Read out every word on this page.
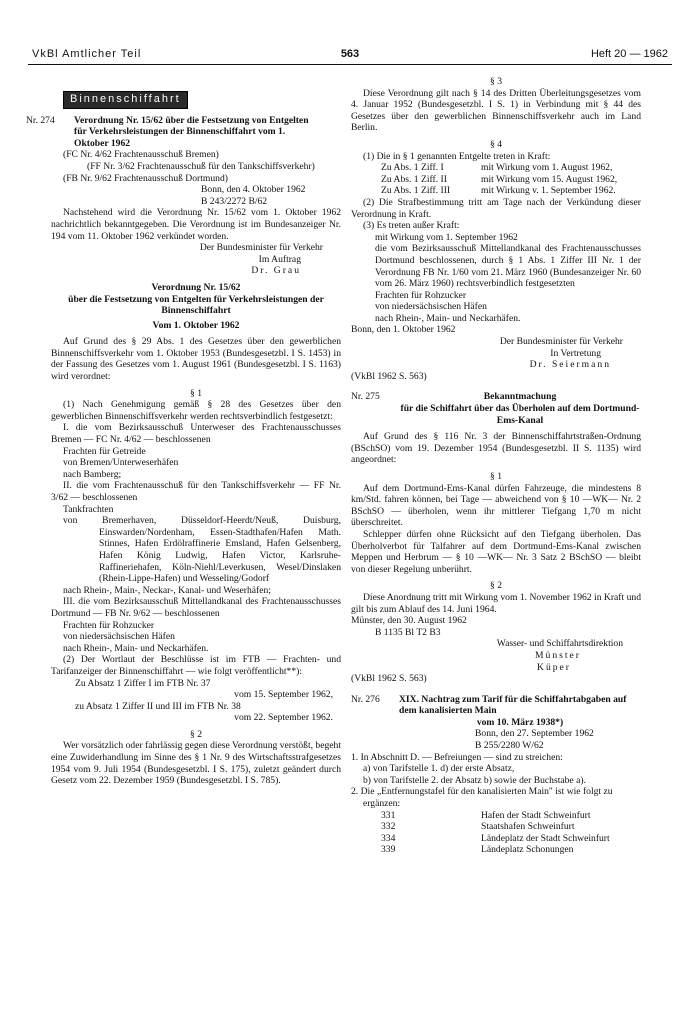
VkBl Amtlicher Teil	563	Heft 20 — 1962
Binnenschiffahrt
Nr. 274 Verordnung Nr. 15/62 über die Festsetzung von Entgelten für Verkehrsleistungen der Binnenschiffahrt vom 1. Oktober 1962

(FC Nr. 4/62 Frachtenausschuß Bremen)

(FF Nr. 3/62 Frachtenausschuß für den Tankschiffsverkehr)

(FB Nr. 9/62 Frachtenausschuß Dortmund)

Bonn, den 4. Oktober 1962

B 243/2272 B/62

Nachstehend wird die Verordnung Nr. 15/62 vom 1. Oktober 1962 nachrichtlich bekanntgegeben. Die Verordnung ist im Bundesanzeiger Nr. 194 vom 11. Oktober 1962 verkündet worden.

Der Bundesminister für Verkehr

Im Auftrag

Dr. Grau

Verordnung Nr. 15/62

über die Festsetzung von Entgelten für Verkehrsleistungen der Binnenschiffahrt

Vom 1. Oktober 1962

Auf Grund des § 29 Abs. 1 des Gesetzes über den gewerblichen Binnenschiffsverkehr vom 1. Oktober 1953 (Bundesgesetzbl. I S. 1453) in der Fassung des Gesetzes vom 1. August 1961 (Bundesgesetzbl. I S. 1163) wird verordnet:

§ 1

(1) Nach Genehmigung gemäß § 28 des Gesetzes über den gewerblichen Binnenschiffsverkehr werden rechtsverbindlich festgesetzt:

I. die vom Bezirksausschuß Unterweser des Frachtenausschusses Bremen — FC Nr. 4/62 — beschlossenen

Frachten für Getreide

von Bremen/Unterweserhäfen

nach Bamberg;

II. die vom Frachtenausschuß für den Tankschiffsverkehr — FF Nr. 3/62 — beschlossenen

Tankfrachten

von Bremerhaven, Düsseldorf-Heerdt/Neuß, Duisburg, Einswarden/Nordenham, Essen-Stadthafen/Hafen Math. Stinnes, Hafen Erdölraffinerie Emsland, Hafen Gelsenberg, Hafen König Ludwig, Hafen Victor, Karlsruhe-Raffineriehafen, Köln-Niehl/Leverkusen, Wesel/Dinslaken (Rhein-Lippe-Hafen) und Wesseling/Godorf

nach Rhein-, Main-, Neckar-, Kanal- und Weserhäfen;

III. die vom Bezirksausschuß Mittellandkanal des Frachtenausschusses Dortmund — FB Nr. 9/62 — beschlossenen

Frachten für Rohzucker

von niedersächsischen Häfen

nach Rhein-, Main- und Neckarhäfen.

(2) Der Wortlaut der Beschlüsse ist im FTB — Frachten- und Tarifanzeiger der Binnenschiffahrt — wie folgt veröffentlicht**):

Zu Absatz 1 Ziffer I im FTB Nr. 37

vom 15. September 1962,

zu Absatz 1 Ziffer II und III im FTB Nr. 38

vom 22. September 1962.

§ 2

Wer vorsätzlich oder fahrlässig gegen diese Verordnung verstößt, begeht eine Zuwiderhandlung im Sinne des § 1 Nr. 9 des Wirtschaftsstrafgesetzes 1954 vom 9. Juli 1954 (Bundesgesetzbl. I S. 175), zuletzt geändert durch Gesetz vom 22. Dezember 1959 (Bundesgesetzbl. I S. 785).

§ 3

Diese Verordnung gilt nach § 14 des Dritten Überleitungsgesetzes vom 4. Januar 1952 (Bundesgesetzbl. I S. 1) in Verbindung mit § 44 des Gesetzes über den gewerblichen Binnenschiffsverkehr auch im Land Berlin.

§ 4

(1) Die in § 1 genannten Entgelte treten in Kraft:

Zu Abs. 1 Ziff. I	mit Wirkung vom 1. August 1962,
Zu Abs. 1 Ziff. II	mit Wirkung vom 15. August 1962,
Zu Abs. 1 Ziff. III	mit Wirkung v. 1. September 1962.

(2) Die Strafbestimmung tritt am Tage nach der Verkündung dieser Verordnung in Kraft.

(3) Es treten außer Kraft:

mit Wirkung vom 1. September 1962

die vom Bezirksausschuß Mittellandkanal des Frachtenausschusses Dortmund beschlossenen, durch § 1 Abs. 1 Ziffer III Nr. 1 der Verordnung FB Nr. 1/60 vom 21. März 1960 (Bundesanzeiger Nr. 60 vom 26. März 1960) rechtsverbindlich festgesetzten

Frachten für Rohzucker

von niedersächsischen Häfen

nach Rhein-, Main- und Neckarhäfen.

Bonn, den 1. Oktober 1962

Der Bundesminister für Verkehr

In Vertretung

Dr. Seiermann

(VkBl 1962 S. 563)

Nr. 275	Bekanntmachung
für die Schiffahrt über das Überholen auf dem Dortmund-Ems-Kanal

Auf Grund des § 116 Nr. 3 der Binnenschiffahrtstraßen-Ordnung (BSchSO) vom 19. Dezember 1954 (Bundesgesetzbl. II S. 1135) wird angeordnet:

§ 1

Auf dem Dortmund-Ems-Kanal dürfen Fahrzeuge, die mindestens 8 km/Std. fahren können, bei Tage — abweichend von § 10 —WK— Nr. 2 BSchSO — überholen, wenn ihr mittlerer Tiefgang 1,70 m nicht überschreitet.

Schlepper dürfen ohne Rücksicht auf den Tiefgang überholen. Das Überholverbot für Talfahrer auf dem Dortmund-Ems-Kanal zwischen Meppen und Herbrum — § 10 —WK— Nr. 3 Satz 2 BSchSO — bleibt von dieser Regelung unberührt.

§ 2

Diese Anordnung tritt mit Wirkung vom 1. November 1962 in Kraft und gilt bis zum Ablauf des 14. Juni 1964.

Münster, den 30. August 1962

B 1135 Bl T2 B3

Wasser- und Schiffahrtsdirektion

Münster

Küper

(VkBl 1962 S. 563)

Nr. 276 XIX. Nachtrag zum Tarif für die Schiffahrtabgaben auf dem kanalisierten Main
vom 10. März 1938*)

Bonn, den 27. September 1962

B 255/2280 W/62

1. In Abschnitt D. — Befreiungen — sind zu streichen:

a) von Tarifstelle 1. d) der erste Absatz,

b) von Tarifstelle 2. der Absatz b) sowie der Buchstabe a).

2. Die „Entfernungstafel für den kanalisierten Main" ist wie folgt zu ergänzen:

331	Hafen der Stadt Schweinfurt
332	Staatshafen Schweinfurt
334	Ländeplatz der Stadt Schweinfurt
339	Ländeplatz Schonungen
